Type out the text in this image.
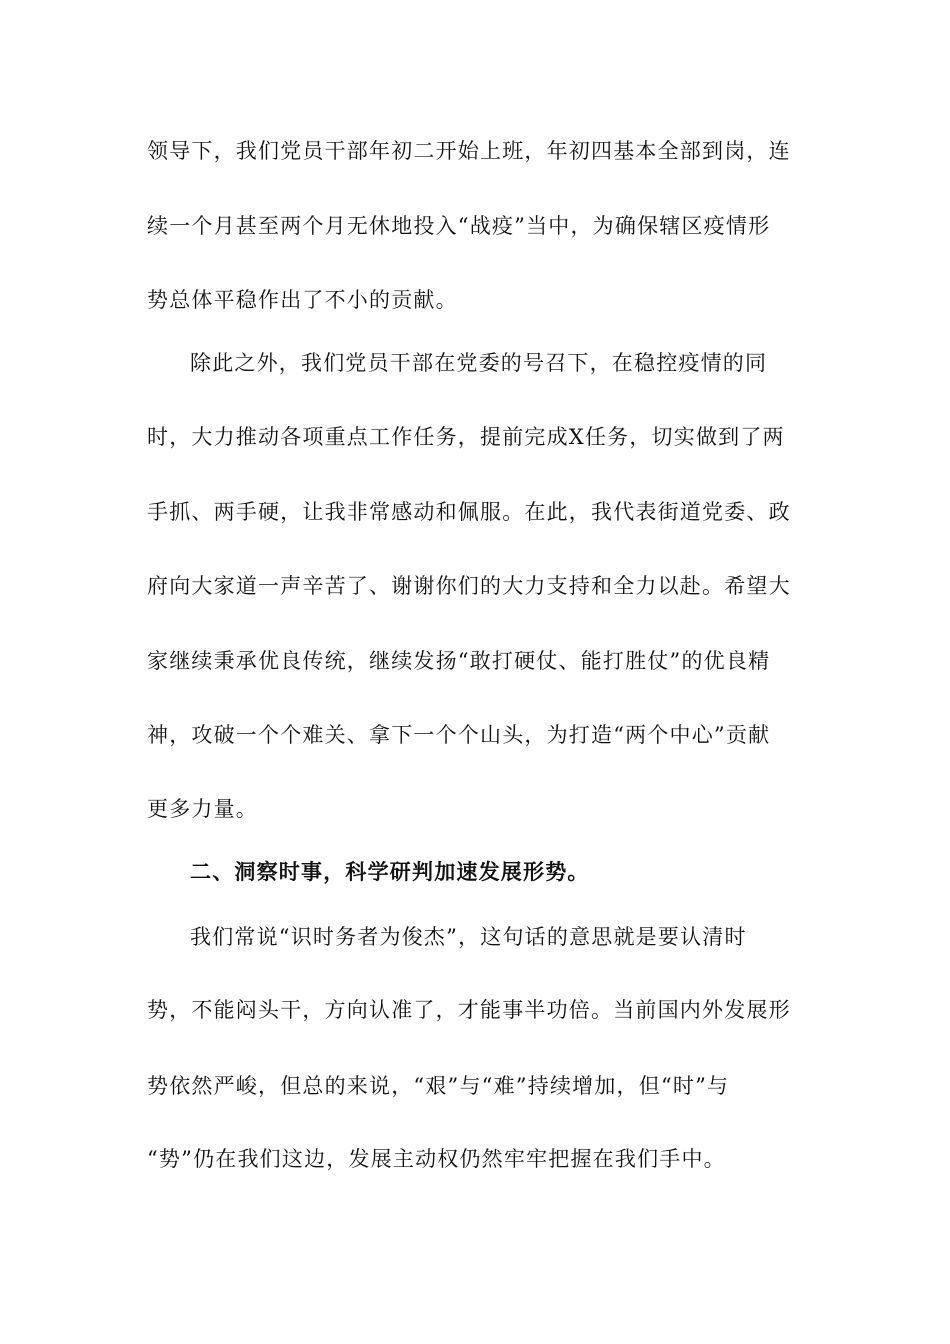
领导下，我们党员干部年初二开始上班，年初四基本全部到岗，连
续一个月甚至两个月无休地投入“战疫”当中，为确保辖区疫情形
势总体平稳作出了不小的贡献。
除此之外，我们党员干部在党委的号召下，在稳控疫情的同
时，大力推动各项重点工作任务，提前完成X任务，切实做到了两
手抓、两手硬，让我非常感动和佩服。在此，我代表街道党委、政
府向大家道一声辛苦了、谢谢你们的大力支持和全力以赴。希望大
家继续秉承优良传统，继续发扬“敢打硬仗、能打胜仗”的优良精
神，攻破一个个难关、拿下一个个山头，为打造“两个中心”贡献
更多力量。
二、洞察时事，科学研判加速发展形势。
我们常说“识时务者为俊杰”，这句话的意思就是要认清时
势，不能闷头干，方向认准了，才能事半功倍。当前国内外发展形
势依然严峻，但总的来说，“艰”与“难”持续增加，但“时”与
“势”仍在我们这边，发展主动权仍然牢牢把握在我们手中。
